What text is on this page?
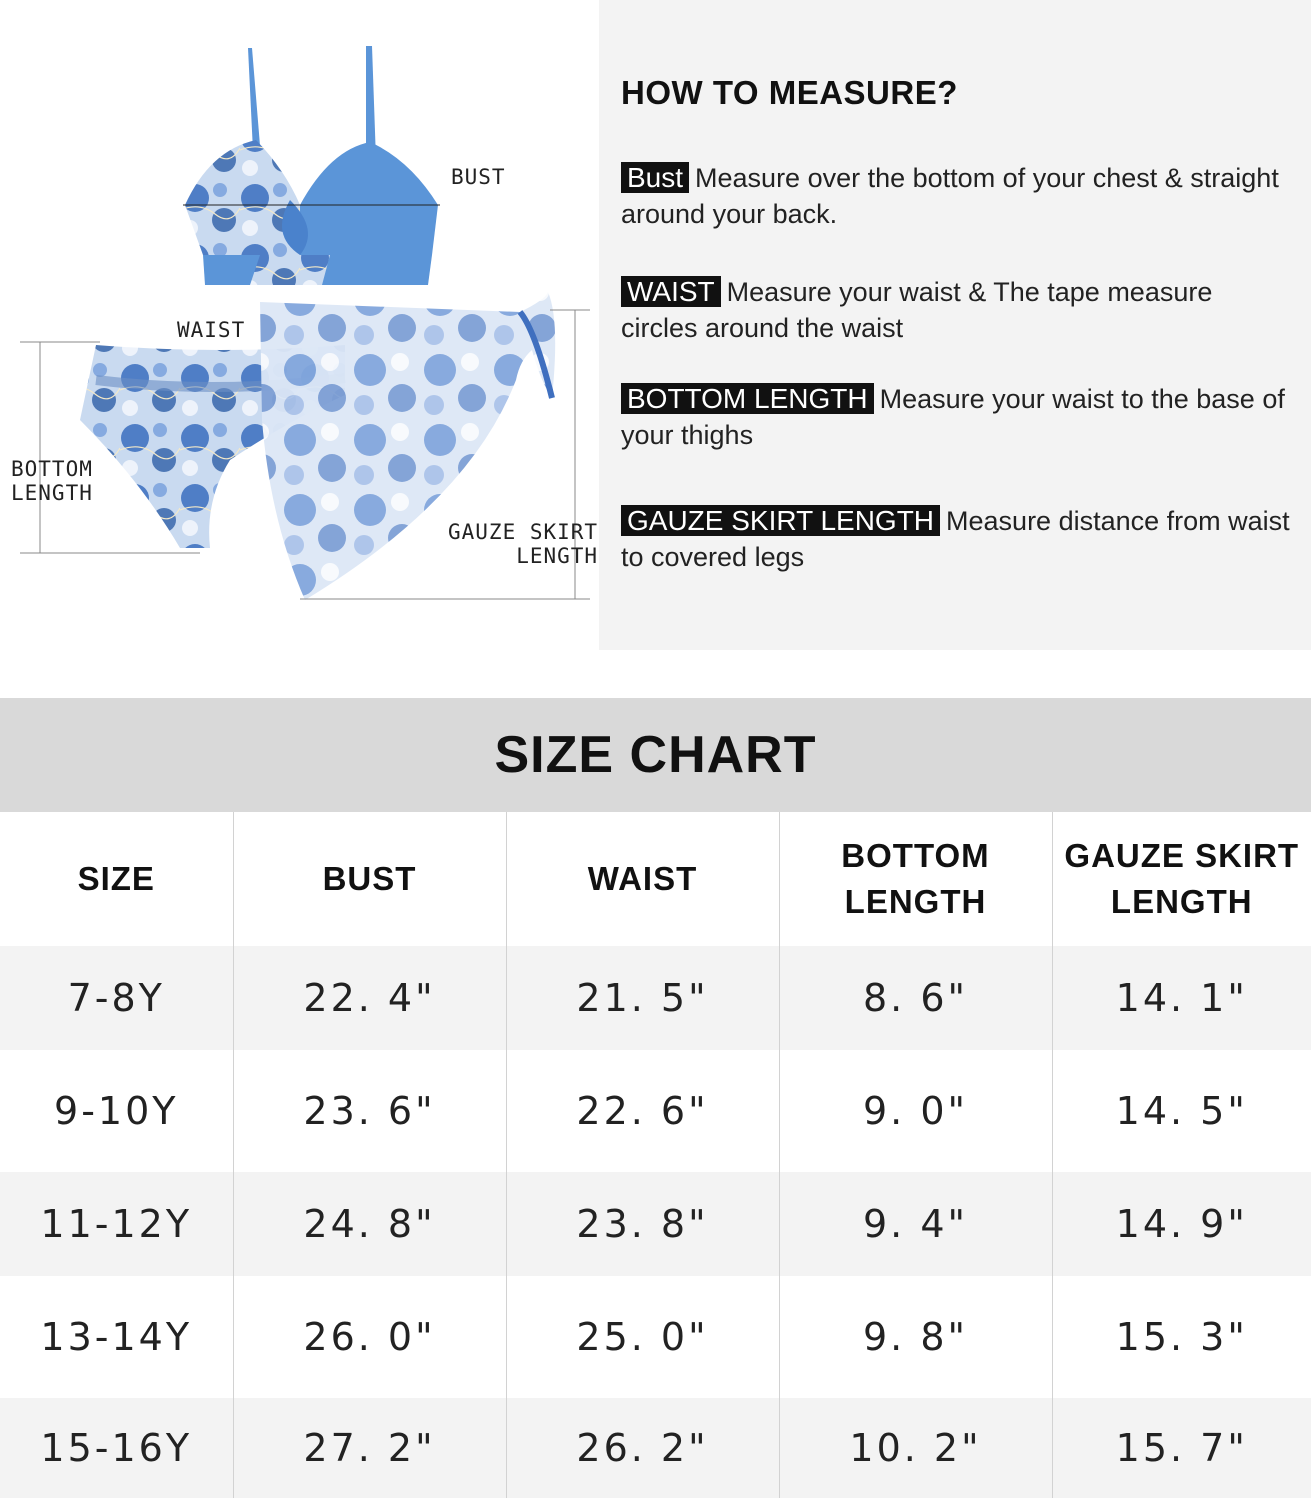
BUST
WAIST
BOTTOM
LENGTH
GAUZE SKIRT
LENGTH
HOW TO MEASURE?
Bust Measure over the bottom of your chest & straight around your back.
WAIST Measure your waist & The tape measure circles around the waist
BOTTOM LENGTH Measure your waist to the base of your thighs
GAUZE SKIRT LENGTH Measure distance from waist to covered legs
SIZE CHART
SIZE	BUST	WAIST	BOTTOM LENGTH	GAUZE SKIRT LENGTH
7-8Y	22. 4"	21. 5"	8. 6"	14. 1"
9-10Y	23. 6"	22. 6"	9. 0"	14. 5"
11-12Y	24. 8"	23. 8"	9. 4"	14. 9"
13-14Y	26. 0"	25. 0"	9. 8"	15. 3"
15-16Y	27. 2"	26. 2"	10. 2"	15. 7"
